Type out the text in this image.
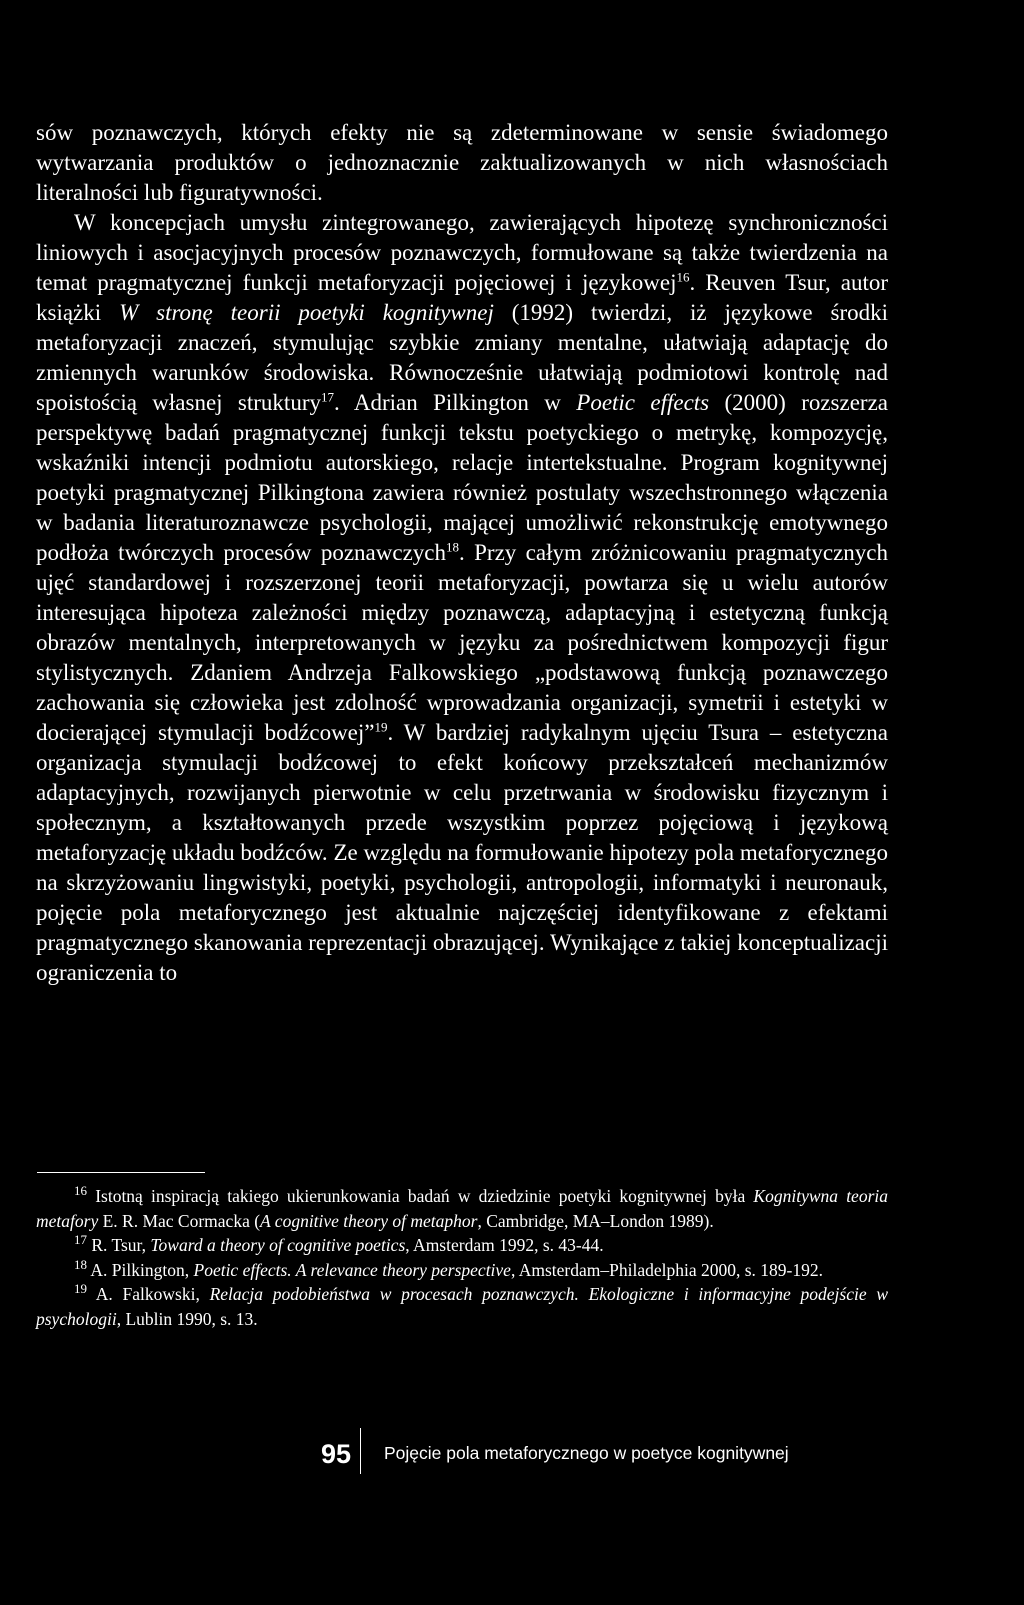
sów poznawczych, których efekty nie są zdeterminowane w sensie świadomego wytwarzania produktów o jednoznacznie zaktualizowanych w nich własnościach literalności lub figuratywności.

W koncepcjach umysłu zintegrowanego, zawierających hipotezę synchroniczności liniowych i asocjacyjnych procesów poznawczych, formułowane są także twierdzenia na temat pragmatycznej funkcji metaforyzacji pojęciowej i językowej$^{16}$. Reuven Tsur, autor książki W stronę teorii poetyki kognitywnej (1992) twierdzi, iż językowe środki metaforyzacji znaczeń, stymulując szybkie zmiany mentalne, ułatwiają adaptację do zmiennych warunków środowiska. Równocześnie ułatwiają podmiotowi kontrolę nad spoistością własnej struktury$^{17}$. Adrian Pilkington w Poetic effects (2000) rozszerza perspektywę badań pragmatycznej funkcji tekstu poetyckiego o metrykę, kompozycję, wskaźniki intencji podmiotu autorskiego, relacje intertekstualne. Program kognitywnej poetyki pragmatycznej Pilkingtona zawiera również postulaty wszechstronnego włączenia w badania literaturoznawcze psychologii, mającej umożliwić rekonstrukcję emotywnego podłoża twórczych procesów poznawczych$^{18}$. Przy całym zróżnicowaniu pragmatycznych ujęć standardowej i rozszerzonej teorii metaforyzacji, powtarza się u wielu autorów interesująca hipoteza zależności między poznawczą, adaptacyjną i estetyczną funkcją obrazów mentalnych, interpretowanych w języku za pośrednictwem kompozycji figur stylistycznych. Zdaniem Andrzeja Falkowskiego „podstawową funkcją poznawczego zachowania się człowieka jest zdolność wprowadzania organizacji, symetrii i estetyki w docierającej stymulacji bodźcowej”$^{19}$. W bardziej radykalnym ujęciu Tsura – estetyczna organizacja stymulacji bodźcowej to efekt końcowy przekształceń mechanizmów adaptacyjnych, rozwijanych pierwotnie w celu przetrwania w środowisku fizycznym i społecznym, a kształtowanych przede wszystkim poprzez pojęciową i językową metaforyzację układu bodźców. Ze względu na formułowanie hipotezy pola metaforycznego na skrzyżowaniu lingwistyki, poetyki, psychologii, antropologii, informatyki i neuronauk, pojęcie pola metaforycznego jest aktualnie najczęściej identyfikowane z efektami pragmatycznego skanowania reprezentacji obrazującej. Wynikające z takiej konceptualizacji ograniczenia to

$^{16}$ Istotną inspiracją takiego ukierunkowania badań w dziedzinie poetyki kognitywnej była Kognitywna teoria metafory E. R. Mac Cormacka (A cognitive theory of metaphor, Cambridge, MA–London 1989).

$^{17}$ R. Tsur, Toward a theory of cognitive poetics, Amsterdam 1992, s. 43-44.

$^{18}$ A. Pilkington, Poetic effects. A relevance theory perspective, Amsterdam–Philadelphia 2000, s. 189-192.

$^{19}$ A. Falkowski, Relacja podobieństwa w procesach poznawczych. Ekologiczne i informacyjne podejście w psychologii, Lublin 1990, s. 13.

95 Pojęcie pola metaforycznego w poetyce kognitywnej
